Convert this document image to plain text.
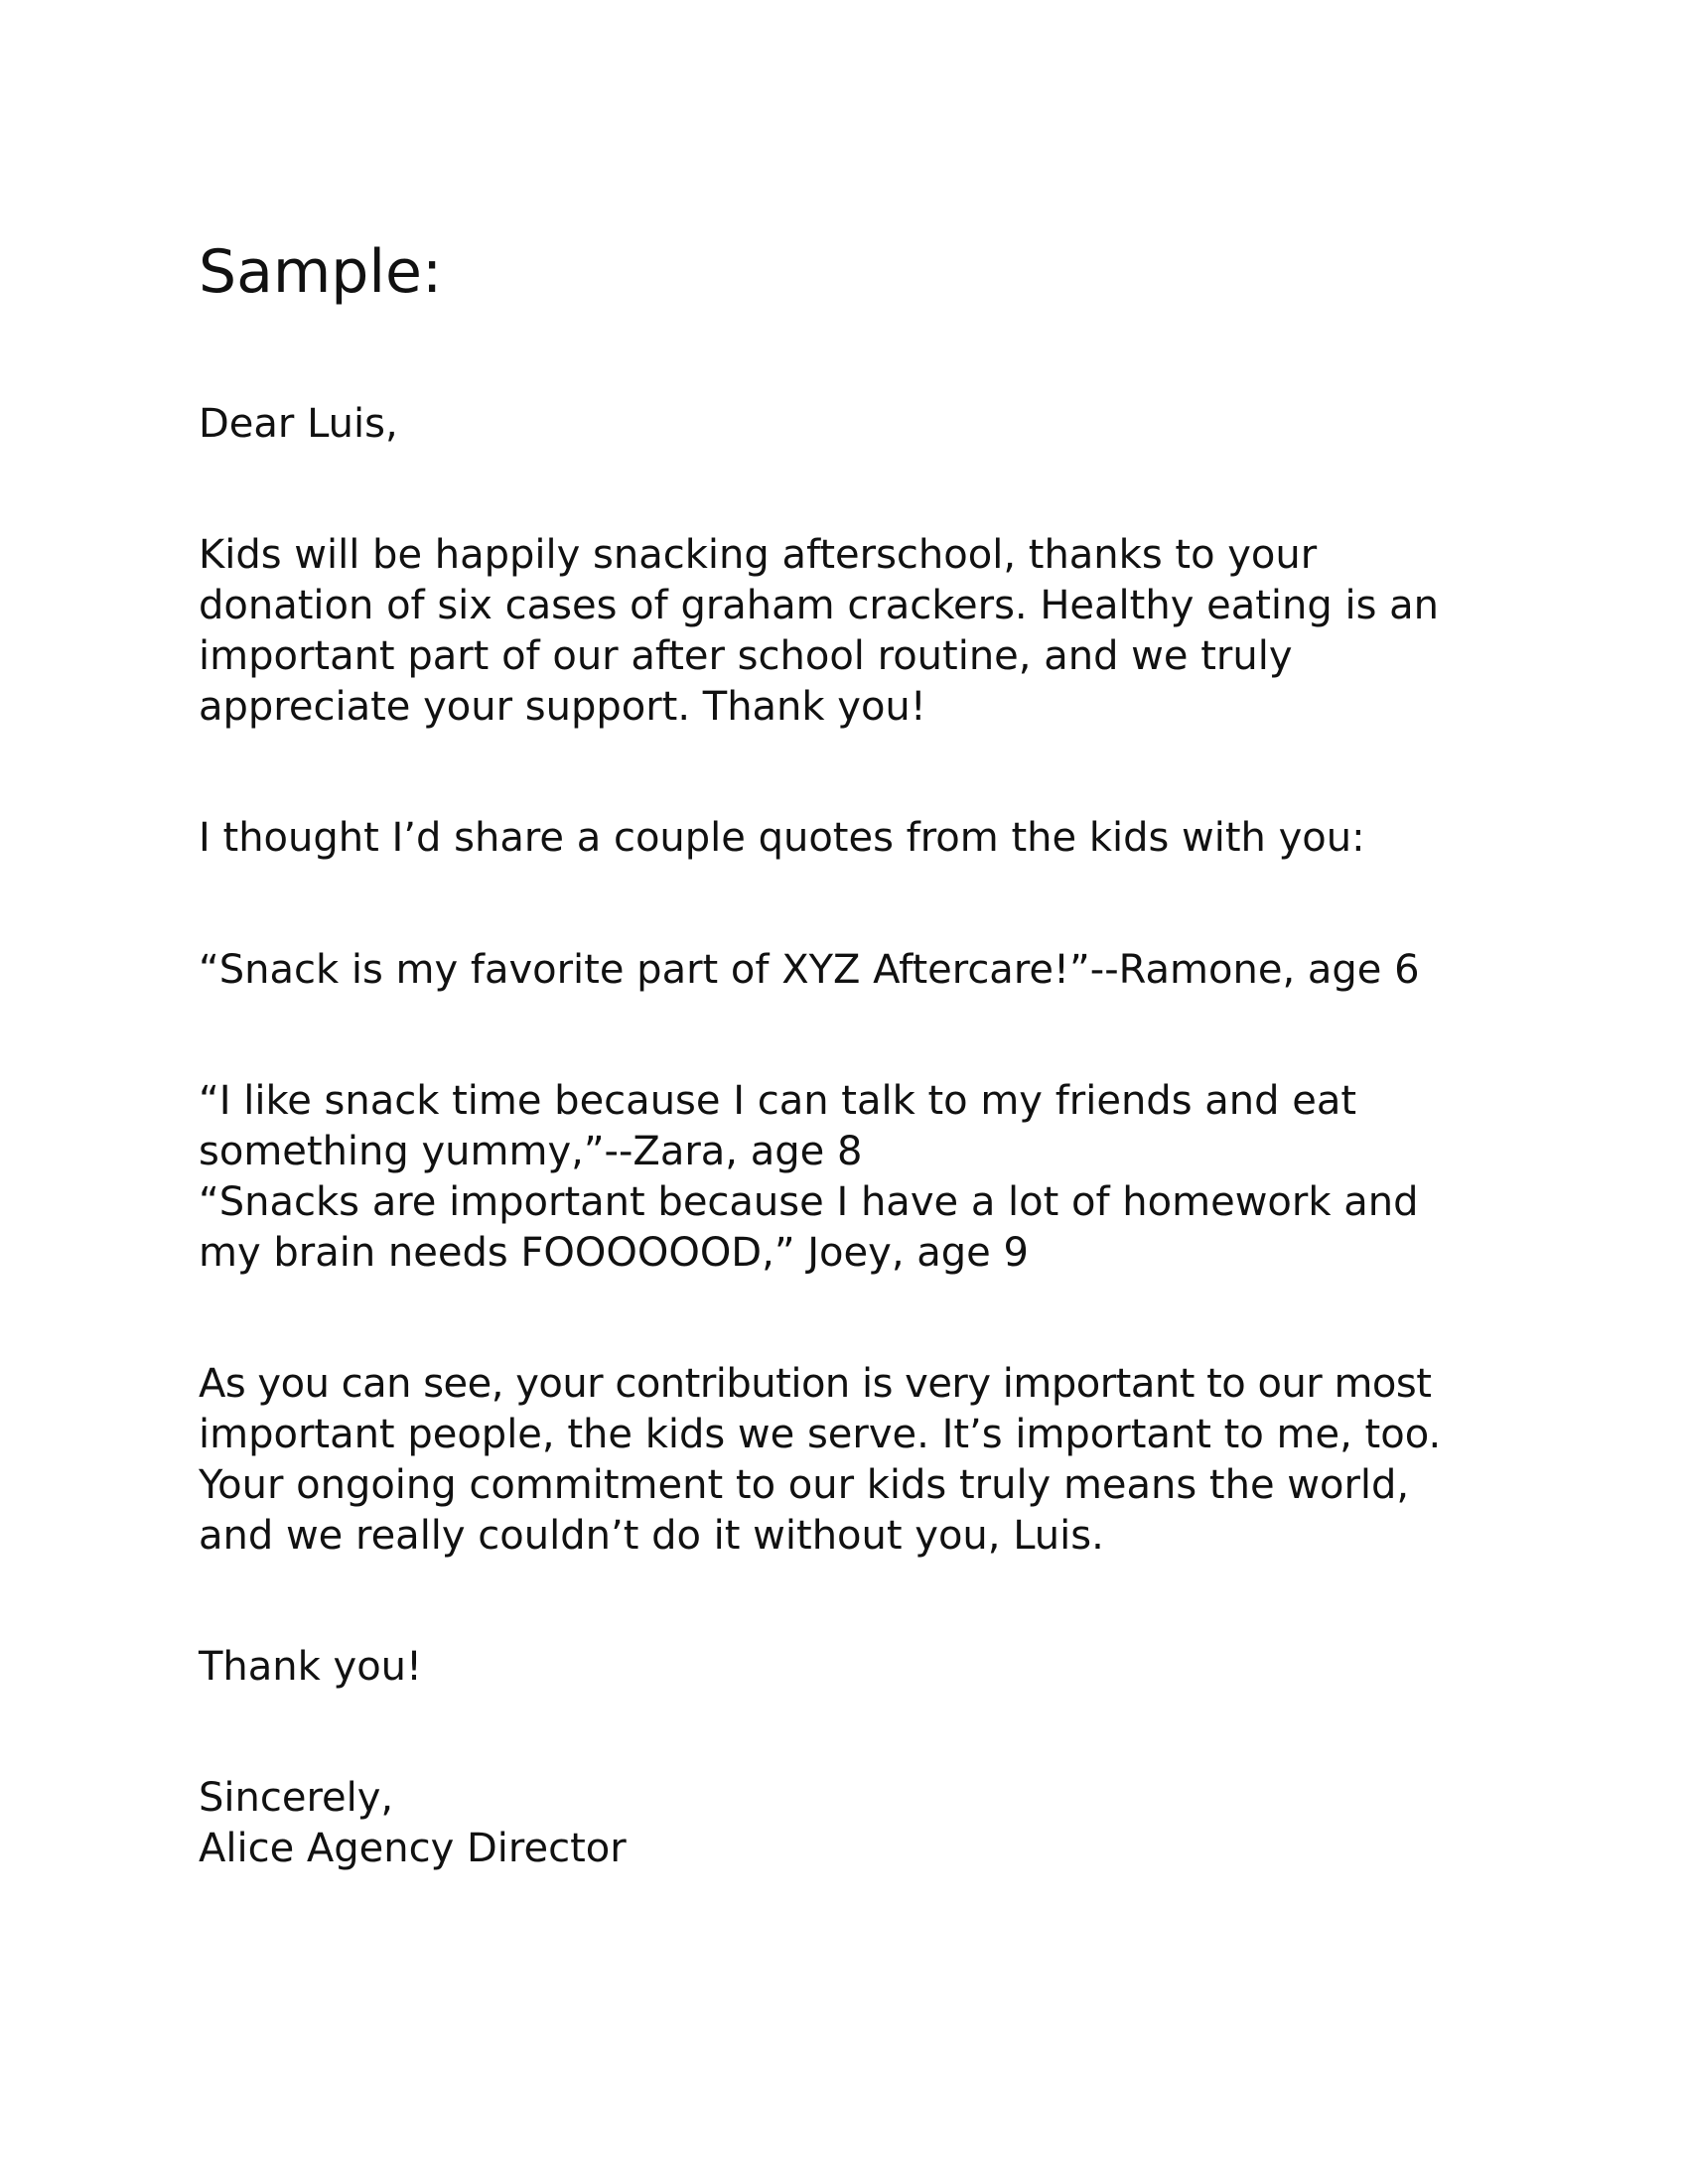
Sample:

Dear Luis,

Kids will be happily snacking afterschool, thanks to your

donation of six cases of graham crackers. Healthy eating is an

important part of our after school routine, and we truly

appreciate your support. Thank you!

I thought I’d share a couple quotes from the kids with you:

“Snack is my favorite part of XYZ Aftercare!”--Ramone, age 6

“I like snack time because I can talk to my friends and eat

something yummy,”--Zara, age 8

“Snacks are important because I have a lot of homework and

my brain needs FOOOOOOD,” Joey, age 9

As you can see, your contribution is very important to our most

important people, the kids we serve. It’s important to me, too.

Your ongoing commitment to our kids truly means the world,

and we really couldn’t do it without you, Luis.

Thank you!

Sincerely,

Alice Agency Director
